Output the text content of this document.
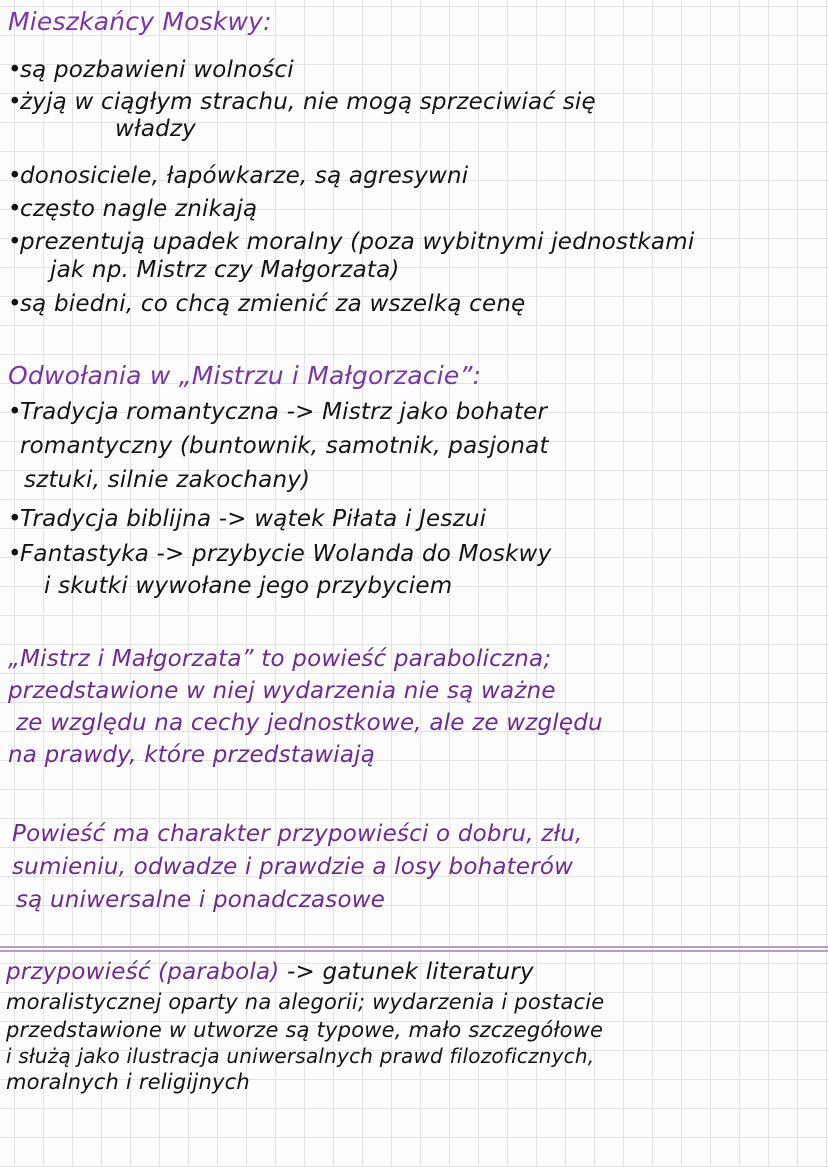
Mieszkańcy Moskwy:
• są pozbawieni wolności
• żyją w ciągłym strachu, nie mogą sprzeciwiać się
władzy
• donosiciele, łapówkarze, są agresywni
• często nagle znikają
• prezentują upadek moralny (poza wybitnymi jednostkami
jak np. Mistrz czy Małgorzata)
• są biedni, co chcą zmienić za wszelką cenę
Odwołania w „Mistrzu i Małgorzacie”:
• Tradycja romantyczna -> Mistrz jako bohater
romantyczny (buntownik, samotnik, pasjonat
sztuki, silnie zakochany)
• Tradycja biblijna -> wątek Piłata i Jeszui
• Fantastyka -> przybycie Wolanda do Moskwy
i skutki wywołane jego przybyciem
„Mistrz i Małgorzata” to powieść paraboliczna;
przedstawione w niej wydarzenia nie są ważne
ze względu na cechy jednostkowe, ale ze względu
na prawdy, które przedstawiają
Powieść ma charakter przypowieści o dobru, złu,
sumieniu, odwadze i prawdzie a losy bohaterów
są uniwersalne i ponadczasowe
przypowieść (parabola) -> gatunek literatury
moralistycznej oparty na alegorii; wydarzenia i postacie
przedstawione w utworze są typowe, mało szczegółowe
i służą jako ilustracja uniwersalnych prawd filozoficznych,
moralnych i religijnych
